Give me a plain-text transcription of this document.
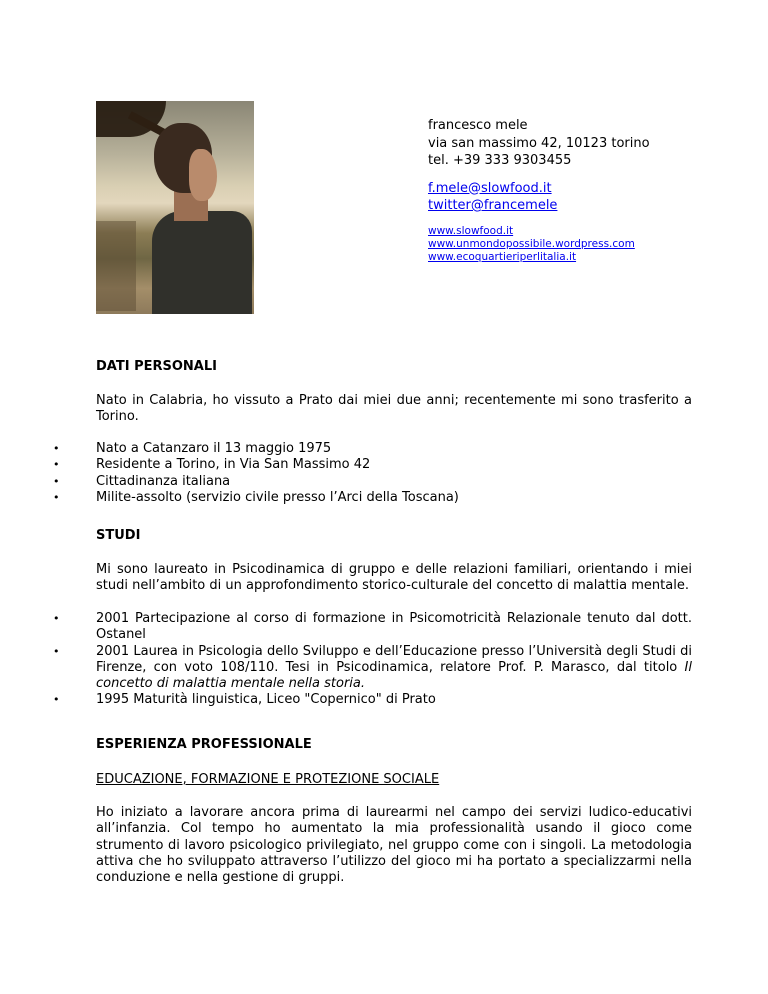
francesco mele
via san massimo 42, 10123 torino
tel. +39 333 9303455
f.mele@slowfood.it
twitter@francemele
www.slowfood.it
www.unmondopossibile.wordpress.com
www.ecoquartieriperlitalia.it
DATI PERSONALI
Nato in Calabria, ho vissuto a Prato dai miei due anni; recentemente mi sono trasferito a Torino.
• Nato a Catanzaro il 13 maggio 1975
• Residente a Torino, in Via San Massimo 42
• Cittadinanza italiana
• Milite-assolto (servizio civile presso l’Arci della Toscana)
STUDI
Mi sono laureato in Psicodinamica di gruppo e delle relazioni familiari, orientando i miei studi nell’ambito di un approfondimento storico-culturale del concetto di malattia mentale.
• 2001 Partecipazione al corso di formazione in Psicomotricità Relazionale tenuto dal dott. Ostanel
• 2001 Laurea in Psicologia dello Sviluppo e dell’Educazione presso l’Università degli Studi di Firenze, con voto 108/110. Tesi in Psicodinamica, relatore Prof. P. Marasco, dal titolo Il concetto di malattia mentale nella storia.
• 1995 Maturità linguistica, Liceo "Copernico" di Prato
ESPERIENZA PROFESSIONALE
EDUCAZIONE, FORMAZIONE E PROTEZIONE SOCIALE
Ho iniziato a lavorare ancora prima di laurearmi nel campo dei servizi ludico-educativi all’infanzia. Col tempo ho aumentato la mia professionalità usando il gioco come strumento di lavoro psicologico privilegiato, nel gruppo come con i singoli. La metodologia attiva che ho sviluppato attraverso l’utilizzo del gioco mi ha portato a specializzarmi nella conduzione e nella gestione di gruppi.
